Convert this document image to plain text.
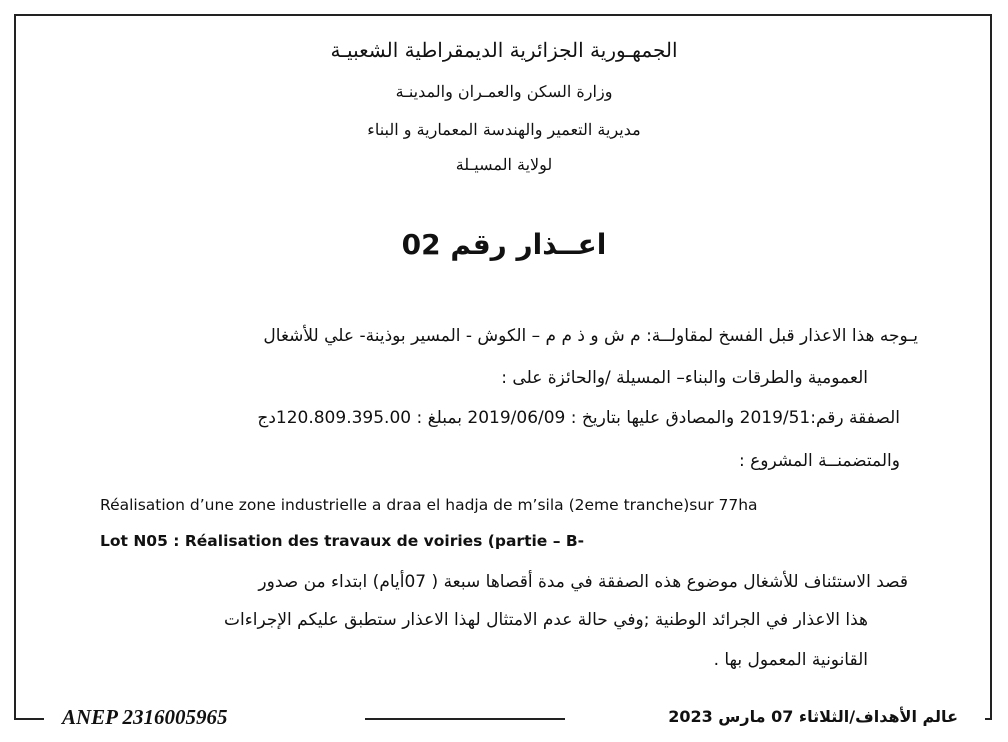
الجمهـورية الجزائرية الديمقراطية الشعبيـة
وزارة السكن والعمـران والمدينـة
مديرية التعمير والهندسة المعمارية و البناء
لولاية المسيـلة
اعــذار رقم 02
يـوجه هذا الاعذار قبل الفسخ لمقاولــة: م ش و ذ م م – الكوش - المسير بوذينة- علي للأشغال
العمومية والطرقات والبناء– المسيلة /والحائزة على :
الصفقة رقم:2019/51 والمصادق عليها بتاريخ : 2019/06/09 بمبلغ : 120.809.395.00دج
والمتضمنــة المشروع :
Réalisation d’une zone industrielle a draa el hadja de m’sila (2eme tranche)sur 77ha
Lot N05 : Réalisation des travaux de voiries (partie – B-
قصد الاستئناف للأشغال موضوع هذه الصفقة في مدة أقصاها سبعة ( 07أيام) ابتداء من صدور
هذا الاعذار في الجرائد الوطنية ;وفي حالة عدم الامتثال لهذا الاعذار ستطبق عليكم الإجراءات
القانونية المعمول بها .
ANEP 2316005965	عالم الأهداف/الثلاثاء 07 مارس 2023
